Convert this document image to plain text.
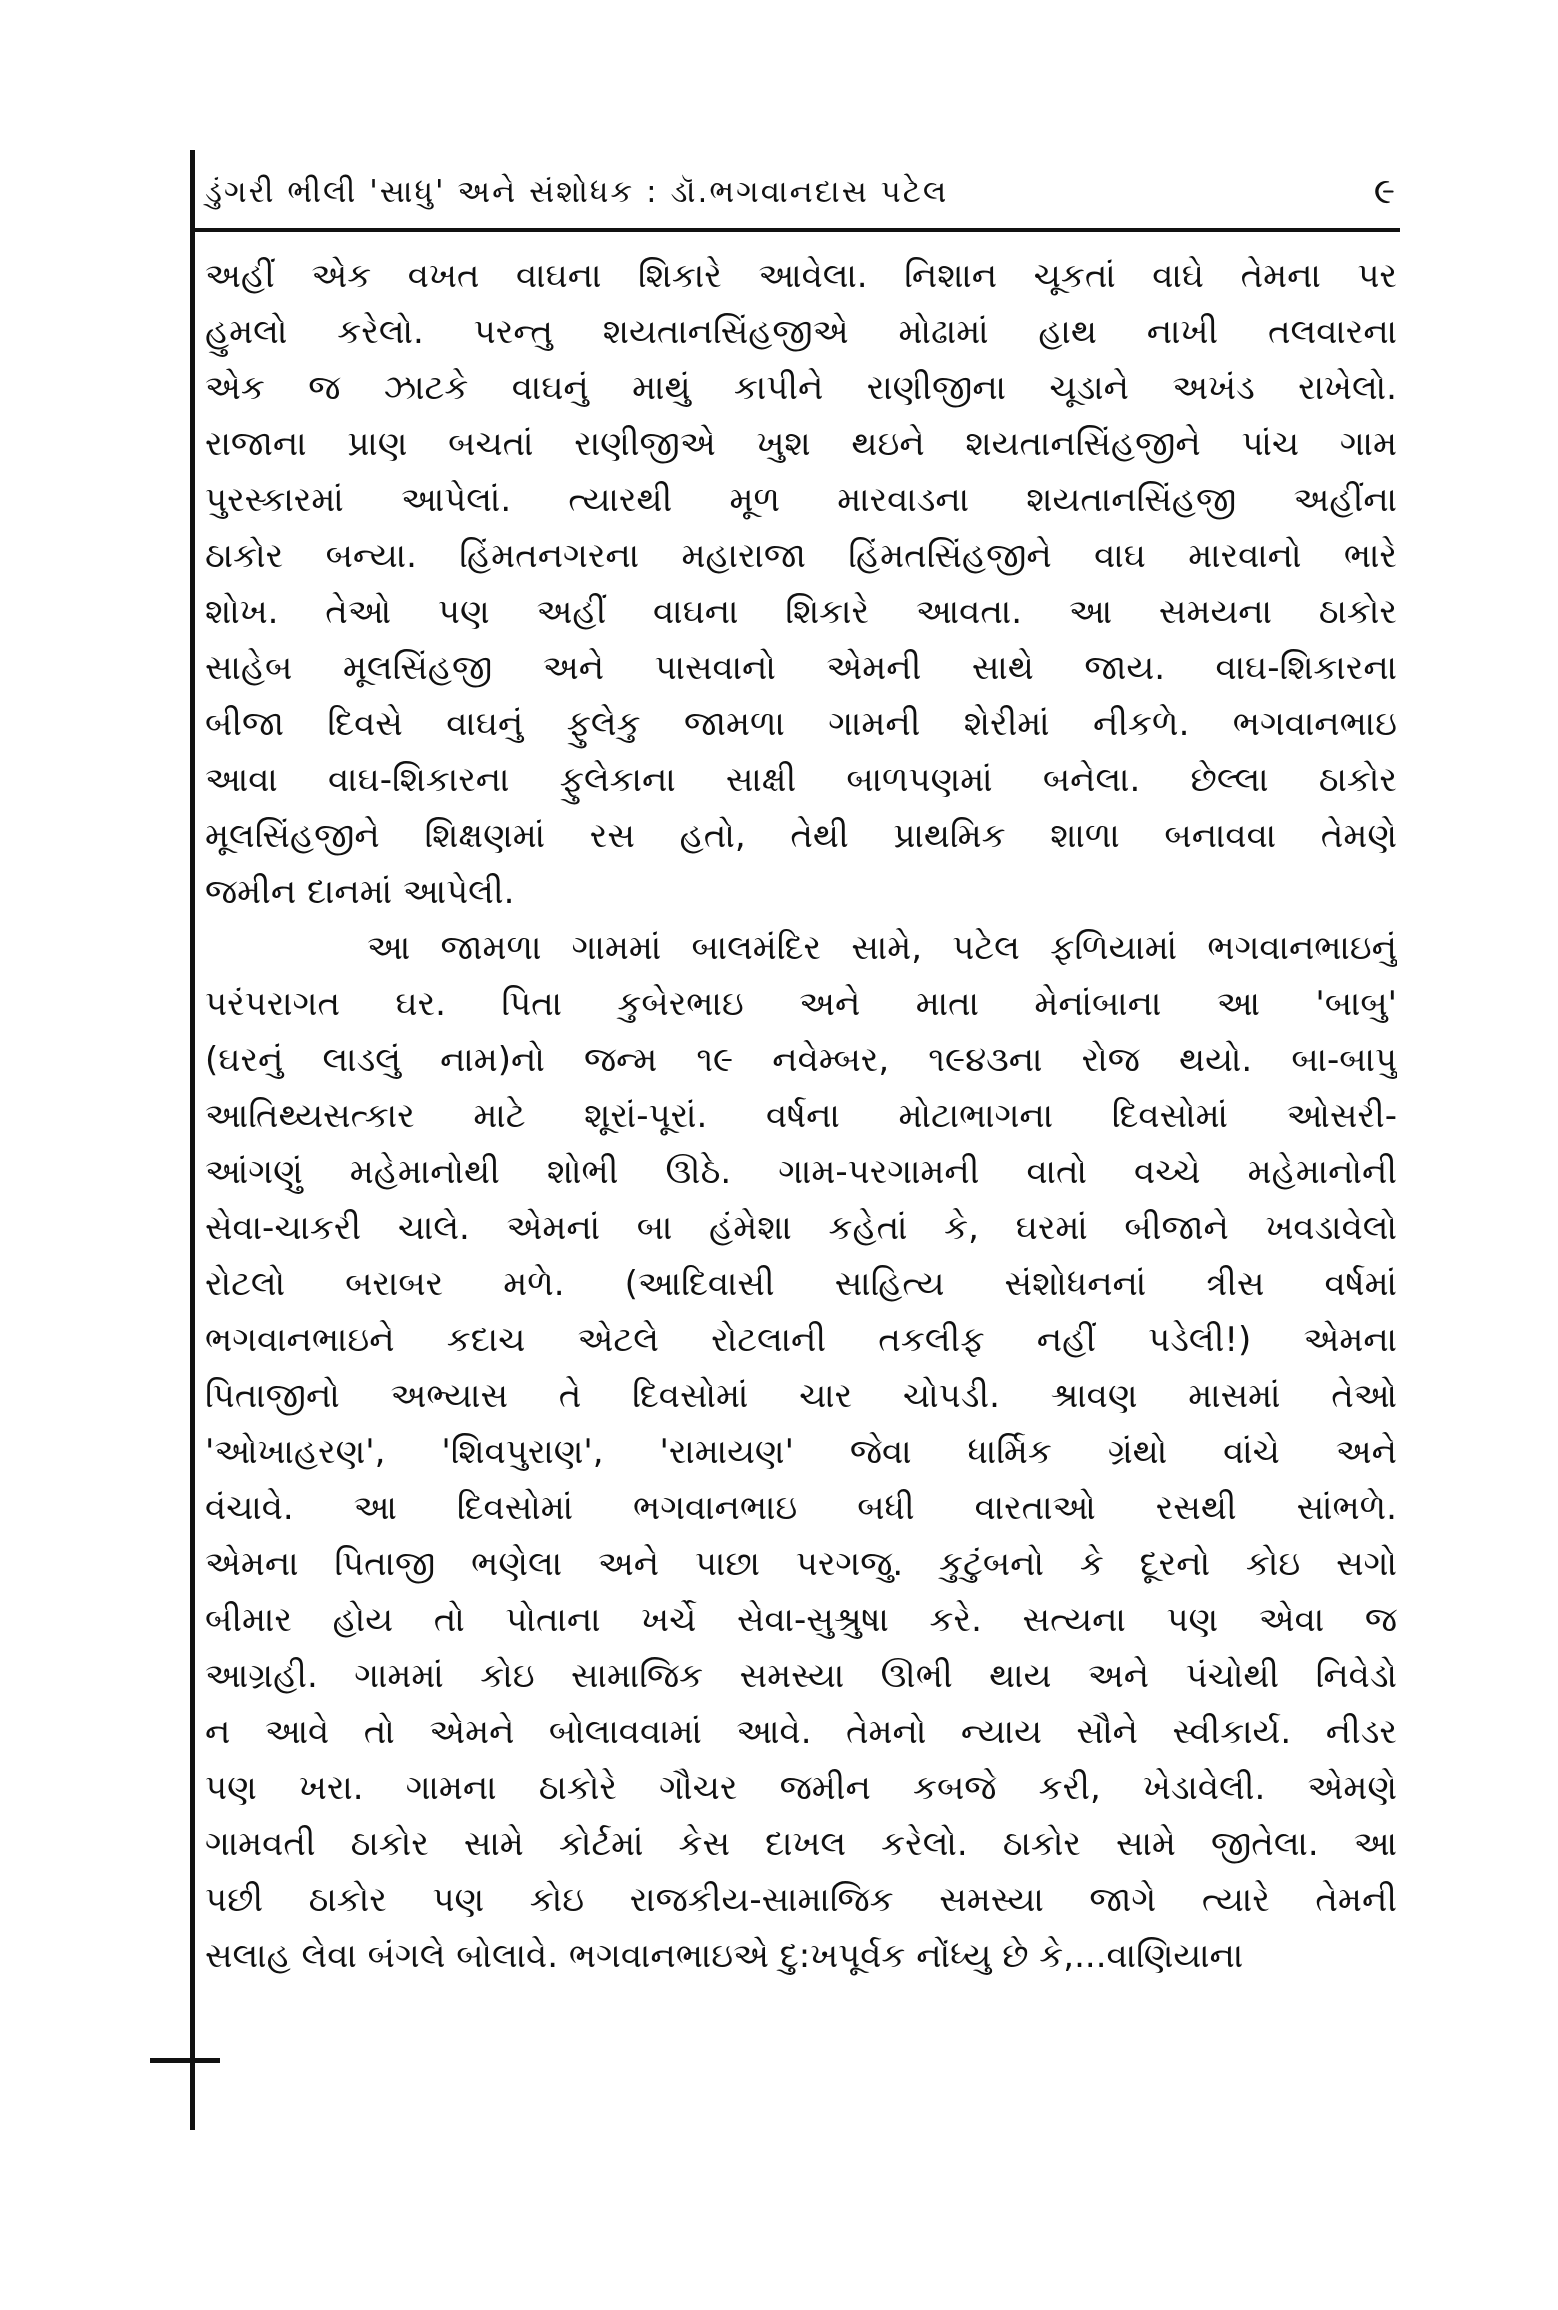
ડુંગરી ભીલી 'સાધુ' અને સંશોધક : ડૉ.ભગવાનદાસ પટેલ	૯
અહીં એક વખત વાઘના શિકારે આવેલા. નિશાન ચૂકતાં વાઘે તેમના પર
હુમલો કરેલો. પરન્તુ શયતાનસિંહજીએ મોઢામાં હાથ નાખી તલવારના
એક જ ઝાટકે વાઘનું માથું કાપીને રાણીજીના ચૂડાને અખંડ રાખેલો.
રાજાના પ્રાણ બચતાં રાણીજીએ ખુશ થઇને શયતાનસિંહજીને પાંચ ગામ
પુરસ્કારમાં આપેલાં. ત્યારથી મૂળ મારવાડના શયતાનસિંહજી અહીંના
ઠાકોર બન્યા. હિંમતનગરના મહારાજા હિંમતસિંહજીને વાઘ મારવાનો ભારે
શોખ. તેઓ પણ અહીં વાઘના શિકારે આવતા. આ સમયના ઠાકોર
સાહેબ મૂલસિંહજી અને પાસવાનો એમની સાથે જાય. વાઘ-શિકારના
બીજા દિવસે વાઘનું ફુલેકુ જામળા ગામની શેરીમાં નીકળે. ભગવાનભાઇ
આવા વાઘ-શિકારના ફુલેકાના સાક્ષી બાળપણમાં બનેલા. છેલ્લા ઠાકોર
મૂલસિંહજીને શિક્ષણમાં રસ હતો, તેથી પ્રાથમિક શાળા બનાવવા તેમણે
જમીન દાનમાં આપેલી.
આ જામળા ગામમાં બાલમંદિર સામે, પટેલ ફળિયામાં ભગવાનભાઇનું
પરંપરાગત ઘર. પિતા કુબેરભાઇ અને માતા મેનાંબાના આ 'બાબુ'
(ઘરનું લાડલું નામ)નો જન્મ ૧૯ નવેમ્બર, ૧૯૪૩ના રોજ થયો. બા-બાપુ
આતિથ્યસત્કાર માટે શૂરાં-પૂરાં. વર્ષના મોટાભાગના દિવસોમાં ઓસરી-
આંગણું મહેમાનોથી શોભી ઊઠે. ગામ-પરગામની વાતો વચ્ચે મહેમાનોની
સેવા-ચાકરી ચાલે. એમનાં બા હંમેશા કહેતાં કે, ઘરમાં બીજાને ખવડાવેલો
રોટલો બરાબર મળે. (આદિવાસી સાહિત્ય સંશોધનનાં ત્રીસ વર્ષમાં
ભગવાનભાઇને કદાચ એટલે રોટલાની તકલીફ નહીં પડેલી!) એમના
પિતાજીનો અભ્યાસ તે દિવસોમાં ચાર ચોપડી. શ્રાવણ માસમાં તેઓ
'ઓખાહરણ', 'શિવપુરાણ', 'રામાયણ' જેવા ધાર્મિક ગ્રંથો વાંચે અને
વંચાવે. આ દિવસોમાં ભગવાનભાઇ બધી વારતાઓ રસથી સાંભળે.
એમના પિતાજી ભણેલા અને પાછા પરગજુ. કુટુંબનો કે દૂરનો કોઇ સગો
બીમાર હોય તો પોતાના ખર્ચે સેવા-સુશ્રુષા કરે. સત્યના પણ એવા જ
આગ્રહી. ગામમાં કોઇ સામાજિક સમસ્યા ઊભી થાય અને પંચોથી નિવેડો
ન આવે તો એમને બોલાવવામાં આવે. તેમનો ન્યાય સૌને સ્વીકાર્ય. નીડર
પણ ખરા. ગામના ઠાકોરે ગૌચર જમીન કબજે કરી, ખેડાવેલી. એમણે
ગામવતી ઠાકોર સામે કોર્ટમાં કેસ દાખલ કરેલો. ઠાકોર સામે જીતેલા. આ
પછી ઠાકોર પણ કોઇ રાજકીય-સામાજિક સમસ્યા જાગે ત્યારે તેમની
સલાહ લેવા બંગલે બોલાવે. ભગવાનભાઇએ દુ:ખપૂર્વક નોંધ્યુ છે કે,...વાણિયાના
